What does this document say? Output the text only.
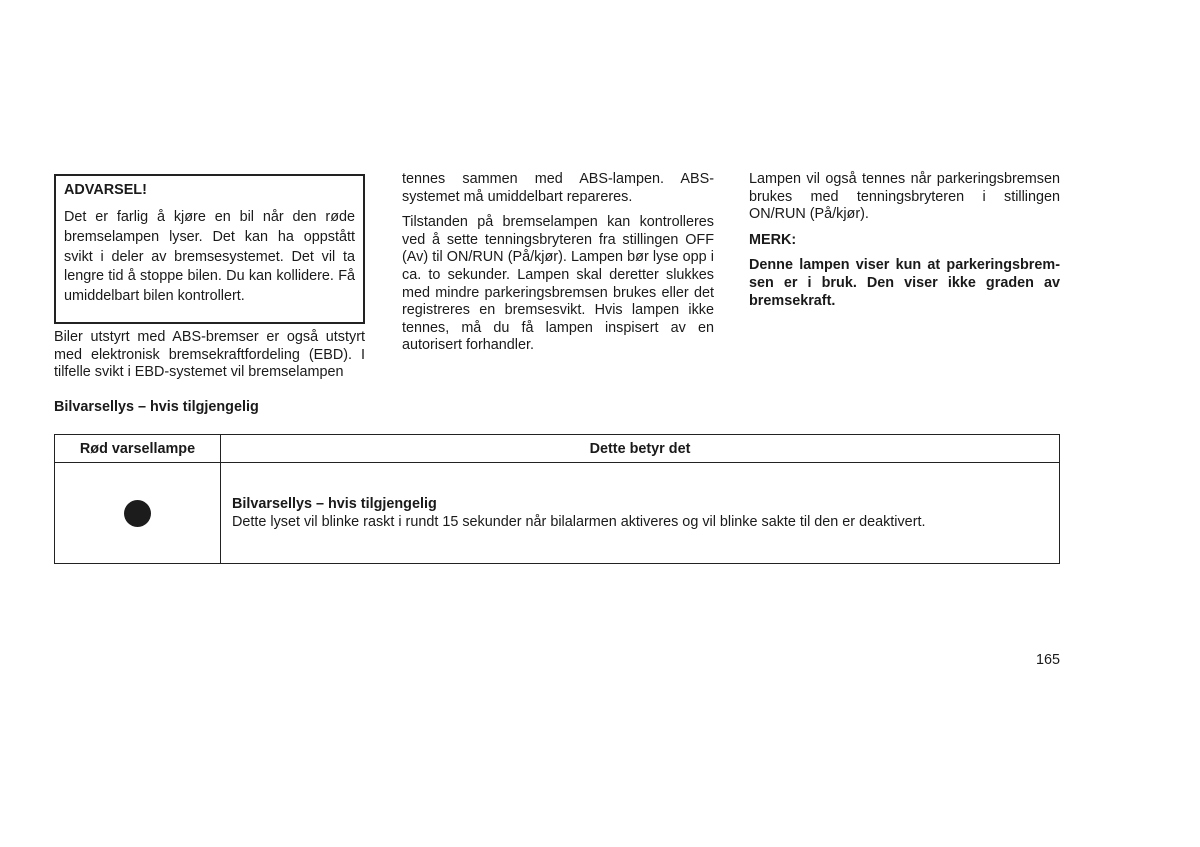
ADVARSEL!

Det er farlig å kjøre en bil når den røde bremselampen lyser. Det kan ha oppstått svikt i deler av bremsesystemet. Det vil ta lengre tid å stoppe bilen. Du kan kollidere. Få umiddelbart bilen kontrollert.

Biler utstyrt med ABS-bremser er også utstyrt med elektronisk bremsekraftfordeling (EBD). I tilfelle svikt i EBD-systemet vil bremselampen

tennes sammen med ABS-lampen. ABS-systemet må umiddelbart repareres.

Tilstanden på bremselampen kan kontrolleres ved å sette tenningsbryteren fra stillingen OFF (Av) til ON/RUN (På/kjør). Lampen bør lyse opp i ca. to sekunder. Lampen skal deretter slukkes med mindre parkeringsbremsen brukes eller det registreres en bremsesvikt. Hvis lampen ikke tennes, må du få lampen inspisert av en autorisert forhandler.

Lampen vil også tennes når parkeringsbremsen brukes med tenningsbryteren i stillingen ON/RUN (På/kjør).

MERK:

Denne lampen viser kun at parkeringsbremsen er i bruk. Den viser ikke graden av bremsekraft.

Bilvarsellys – hvis tilgjengelig
Rød varsellampe	Dette betyr det

	Bilvarsellys – hvis tilgjengelig
Dette lyset vil blinke raskt i rundt 15 sekunder når bilalarmen aktiveres og vil blinke sakte til den er deaktivert.
165
